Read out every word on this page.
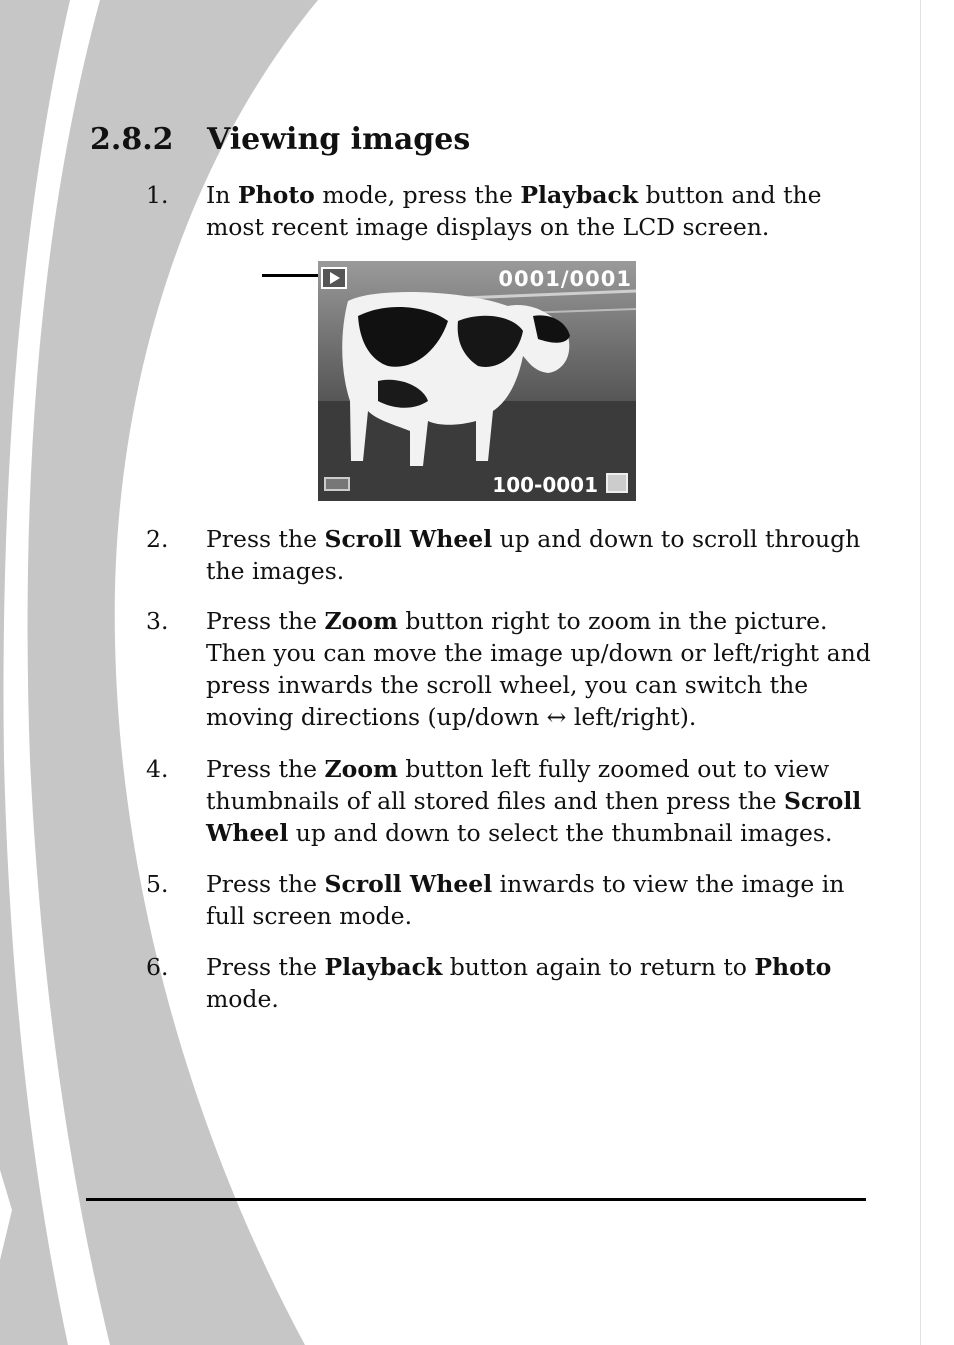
2.8.2 Viewing images
1. In Photo mode, press the Playback button and the most recent image displays on the LCD screen.
0001/0001
100-0001
2. Press the Scroll Wheel up and down to scroll through the images.
3. Press the Zoom button right to zoom in the picture. Then you can move the image up/down or left/right and press inwards the scroll wheel, you can switch the moving directions (up/down ↔ left/right).
4. Press the Zoom button left fully zoomed out to view thumbnails of all stored files and then press the Scroll Wheel up and down to select the thumbnail images.
5. Press the Scroll Wheel inwards to view the image in full screen mode.
6. Press the Playback button again to return to Photo mode.
